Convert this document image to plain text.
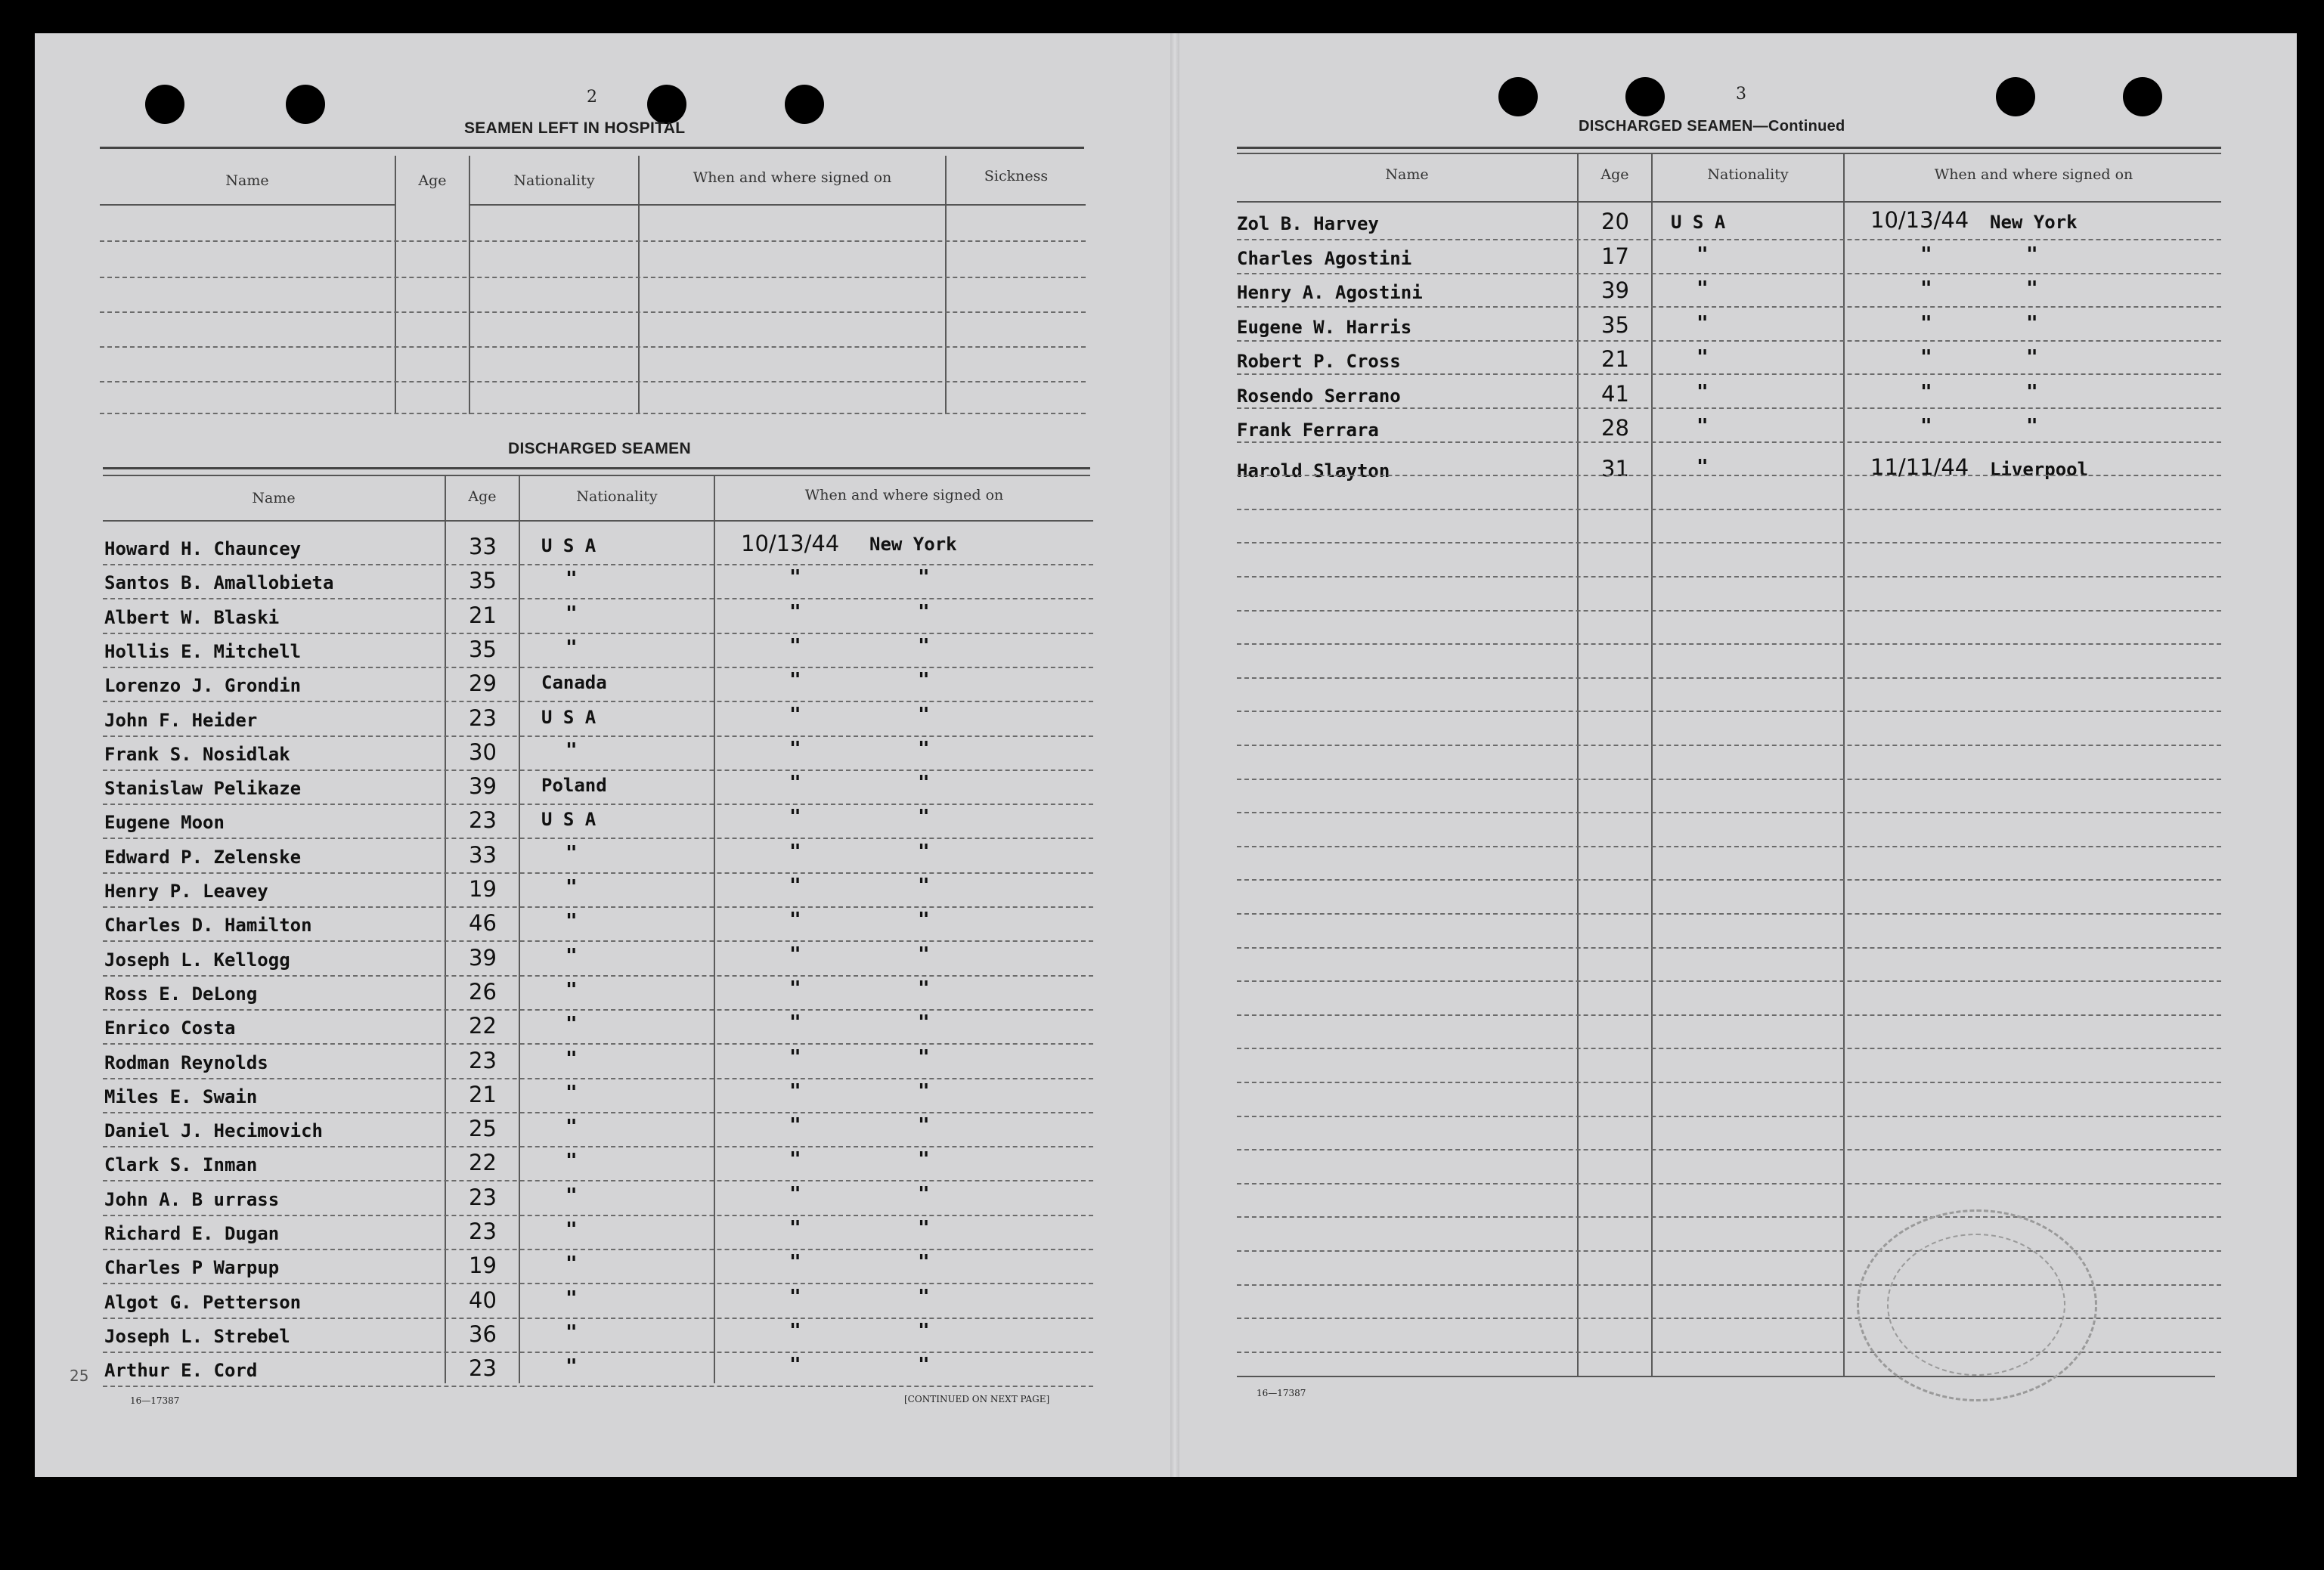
2
SEAMEN LEFT IN HOSPITAL
Name	Age	Nationality	When and where signed on	Sickness
DISCHARGED SEAMEN
Name	Age	Nationality	When and where signed on
Howard H. Chauncey	33 U S A	10/13/44 New York
Santos B. Amallobieta	35	"	"	"
Albert W. Blaski	21	"	"	"
Hollis E. Mitchell	35	"	"	"
Lorenzo J. Grondin	29 Canada	"	"
John F. Heider	23 U S A	"	"
Frank S. Nosidlak	30	"	"	"
Stanislaw Pelikaze	39 Poland	"	"
Eugene Moon	23 U S A	"	"
Edward P. Zelenske	33	"	"	"
Henry P. Leavey	19	"	"	"
Charles D. Hamilton	46	"	"	"
Joseph L. Kellogg	39	"	"	"
Ross E. DeLong	26	"	"	"
Enrico Costa	22	"	"	"
Rodman Reynolds	23	"	"	"
Miles E. Swain	21	"	"	"
Daniel J. Hecimovich	25	"	"	"
Clark S. Inman	22	"	"	"
John A. B urrass	23	"	"	"
Richard E. Dugan	23	"	"	"
Charles P Warpup	19	"	"	"
Algot G. Petterson	40	"	"	"
Joseph L. Strebel	36	"	"	"
Arthur E. Cord	23	"	"	"
16—17387	[CONTINUED ON NEXT PAGE]
25
3
DISCHARGED SEAMEN—Continued
Name	Age	Nationality	When and where signed on
Zol B. Harvey	20 U S A	10/13/44 New York
Charles Agostini	17	"	"	"
Henry A. Agostini	39	"	"	"
Eugene W. Harris	35	"	"	"
Robert P. Cross	21	"	"	"
Rosendo Serrano	41	"	"	"
Frank Ferrara	28	"	"	"
Harold Slayton	31	"	11/11/44 Liverpool
16—17387
